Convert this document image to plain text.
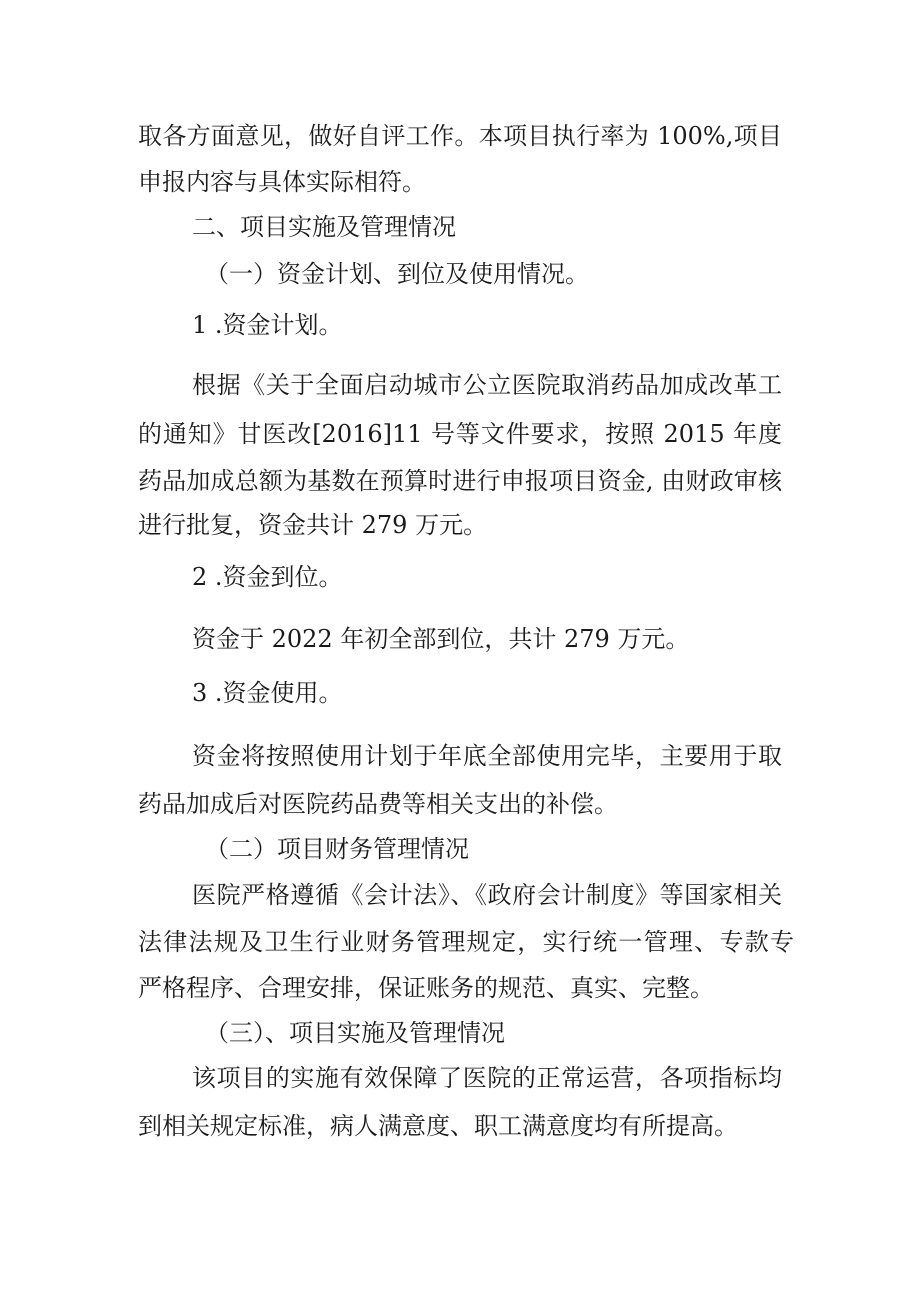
取各方面意见，做好自评工作。本项目执行率为 100%,项目
申报内容与具体实际相符。
二、项目实施及管理情况
（一）资金计划、到位及使用情况。
1 .资金计划。
根据《关于全面启动城市公立医院取消药品加成改革工
的通知》甘医改[2016]11 号等文件要求，按照 2015 年度
药品加成总额为基数在预算时进行申报项目资金, 由财政审核
进行批复，资金共计 279 万元。
2 .资金到位。
资金于 2022 年初全部到位，共计 279 万元。
3 .资金使用。
资金将按照使用计划于年底全部使用完毕，主要用于取
药品加成后对医院药品费等相关支出的补偿。
（二）项目财务管理情况
医院严格遵循《会计法》、《政府会计制度》等国家相关
法律法规及卫生行业财务管理规定，实行统一管理、专款专
严格程序、合理安排，保证账务的规范、真实、完整。
（三）、项目实施及管理情况
该项目的实施有效保障了医院的正常运营，各项指标均
到相关规定标准，病人满意度、职工满意度均有所提高。
